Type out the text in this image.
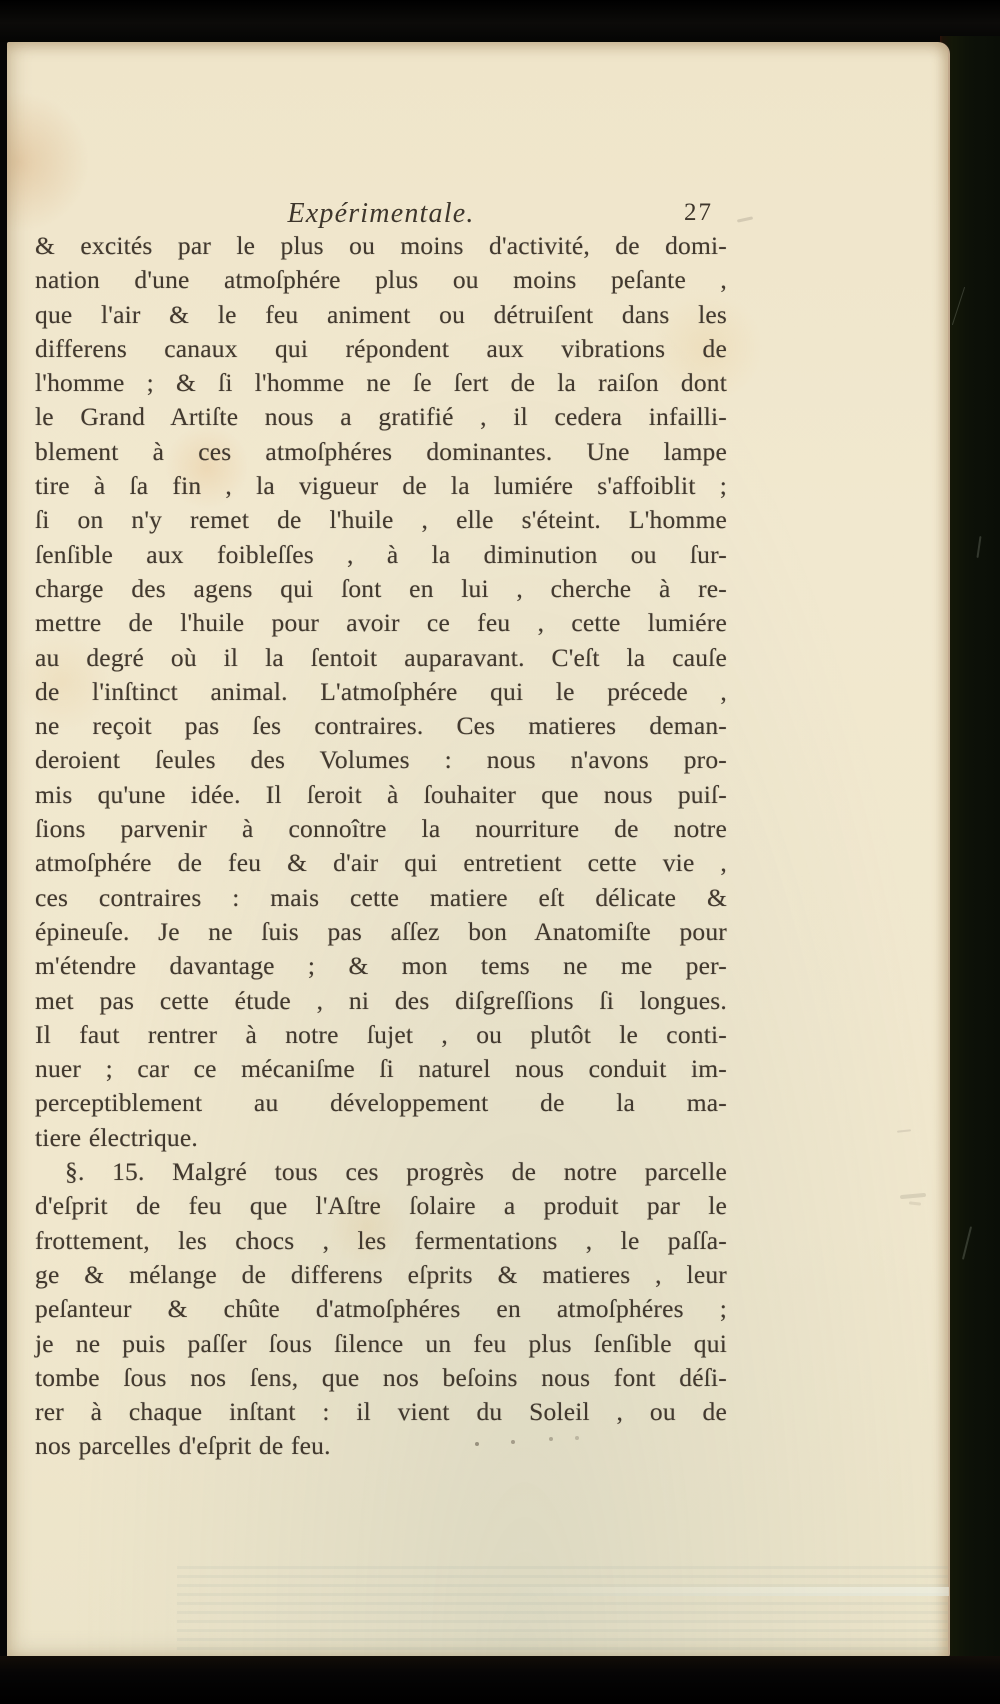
Expérimentale.	27
& excités par le plus ou moins d'activité, de domi-
nation d'une atmoſphére plus ou moins peſante ,
que l'air & le feu animent ou détruiſent dans les
differens canaux qui répondent aux vibrations de
l'homme ; & ſi l'homme ne ſe ſert de la raiſon dont
le Grand Artiſte nous a gratifié , il cedera infailli-
blement à ces atmoſphéres dominantes. Une lampe
tire à ſa fin , la vigueur de la lumiére s'affoiblit ;
ſi on n'y remet de l'huile , elle s'éteint. L'homme
ſenſible aux foibleſſes , à la diminution ou ſur-
charge des agens qui ſont en lui , cherche à re-
mettre de l'huile pour avoir ce feu , cette lumiére
au degré où il la ſentoit auparavant. C'eſt la cauſe
de l'inſtinct animal. L'atmoſphére qui le précede ,
ne reçoit pas ſes contraires. Ces matieres deman-
deroient ſeules des Volumes : nous n'avons pro-
mis qu'une idée. Il ſeroit à ſouhaiter que nous puiſ-
ſions parvenir à connoître la nourriture de notre
atmoſphére de feu & d'air qui entretient cette vie ,
ces contraires : mais cette matiere eſt délicate &
épineuſe. Je ne ſuis pas aſſez bon Anatomiſte pour
m'étendre davantage ; & mon tems ne me per-
met pas cette étude , ni des diſgreſſions ſi longues.
Il faut rentrer à notre ſujet , ou plutôt le conti-
nuer ; car ce mécaniſme ſi naturel nous conduit im-
perceptiblement au développement de la ma-
tiere électrique.
§. 15. Malgré tous ces progrès de notre parcelle
d'eſprit de feu que l'Aſtre ſolaire a produit par le
frottement, les chocs , les fermentations , le paſſa-
ge & mélange de differens eſprits & matieres , leur
peſanteur & chûte d'atmoſphéres en atmoſphéres ;
je ne puis paſſer ſous ſilence un feu plus ſenſible qui
tombe ſous nos ſens, que nos beſoins nous font déſi-
rer à chaque inſtant : il vient du Soleil , ou de
nos parcelles d'eſprit de feu.
